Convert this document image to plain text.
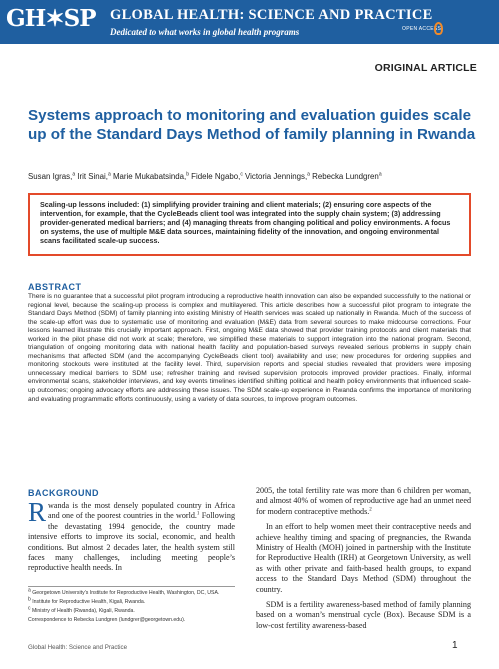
GH✶SP GLOBAL HEALTH: SCIENCE AND PRACTICE
Dedicated to what works in global health programs	OPEN ACCESS
ORIGINAL ARTICLE
Systems approach to monitoring and evaluation guides scale up of the Standard Days Method of family planning in Rwanda
Susan Igras,$^a$ Irit Sinai,$^a$ Marie Mukabatsinda,$^b$ Fidele Ngabo,$^c$ Victoria Jennings,$^a$ Rebecka Lundgren$^a$

Scaling-up lessons included: (1) simplifying provider training and client materials; (2) ensuring core aspects of the intervention, for example, that the CycleBeads client tool was integrated into the supply chain system; (3) addressing provider-generated medical barriers; and (4) managing threats from changing political and policy environments. A focus on systems, the use of multiple M&E data sources, maintaining fidelity of the innovation, and ongoing environmental scans facilitated scale-up success.

ABSTRACT

There is no guarantee that a successful pilot program introducing a reproductive health innovation can also be expanded successfully to the national or regional level, because the scaling-up process is complex and multilayered. This article describes how a successful pilot program to integrate the Standard Days Method (SDM) of family planning into existing Ministry of Health services was scaled up nationally in Rwanda. Much of the success of the scale-up effort was due to systematic use of monitoring and evaluation (M&E) data from several sources to make midcourse corrections. Four lessons learned illustrate this crucially important approach. First, ongoing M&E data showed that provider training protocols and client materials that worked in the pilot phase did not work at scale; therefore, we simplified these materials to support integration into the national program. Second, triangulation of ongoing monitoring data with national health facility and population-based surveys revealed serious problems in supply chain mechanisms that affected SDM (and the accompanying CycleBeads client tool) availability and use; new procedures for ordering supplies and monitoring stockouts were instituted at the facility level. Third, supervision reports and special studies revealed that providers were imposing unnecessary medical barriers to SDM use; refresher training and revised supervision protocols improved provider practices. Finally, informal environmental scans, stakeholder interviews, and key events timelines identified shifting political and health policy environments that influenced scale-up outcomes; ongoing advocacy efforts are addressing these issues. The SDM scale-up experience in Rwanda confirms the importance of monitoring and evaluating programmatic efforts continuously, using a variety of data sources, to improve program outcomes.

BACKGROUND

Rwanda is the most densely populated country in Africa and one of the poorest countries in the world.$^1$ Following the devastating 1994 genocide, the country made intensive efforts to improve its social, economic, and health conditions. But almost 2 decades later, the health system still faces many challenges, including meeting people’s reproductive health needs. In

2005, the total fertility rate was more than 6 children per woman, and almost 40% of women of reproductive age had an unmet need for modern contraceptive methods.$^2$

In an effort to help women meet their contraceptive needs and achieve healthy timing and spacing of pregnancies, the Rwanda Ministry of Health (MOH) joined in partnership with the Institute for Reproductive Health (IRH) at Georgetown University, as well as with other private and faith-based health groups, to expand access to the Standard Days Method (SDM) throughout the country.

SDM is a fertility awareness-based method of family planning based on a woman’s menstrual cycle (Box). Because SDM is a low-cost fertility awareness-based

$^a$ Georgetown University’s Institute for Reproductive Health, Washington, DC, USA.

$^b$ Institute for Reproductive Health, Kigali, Rwanda.

$^c$ Ministry of Health (Rwanda), Kigali, Rwanda.

Correspondence to Rebecka Lundgren (lundgrer@georgetown.edu).

Global Health: Science and Practice	1
